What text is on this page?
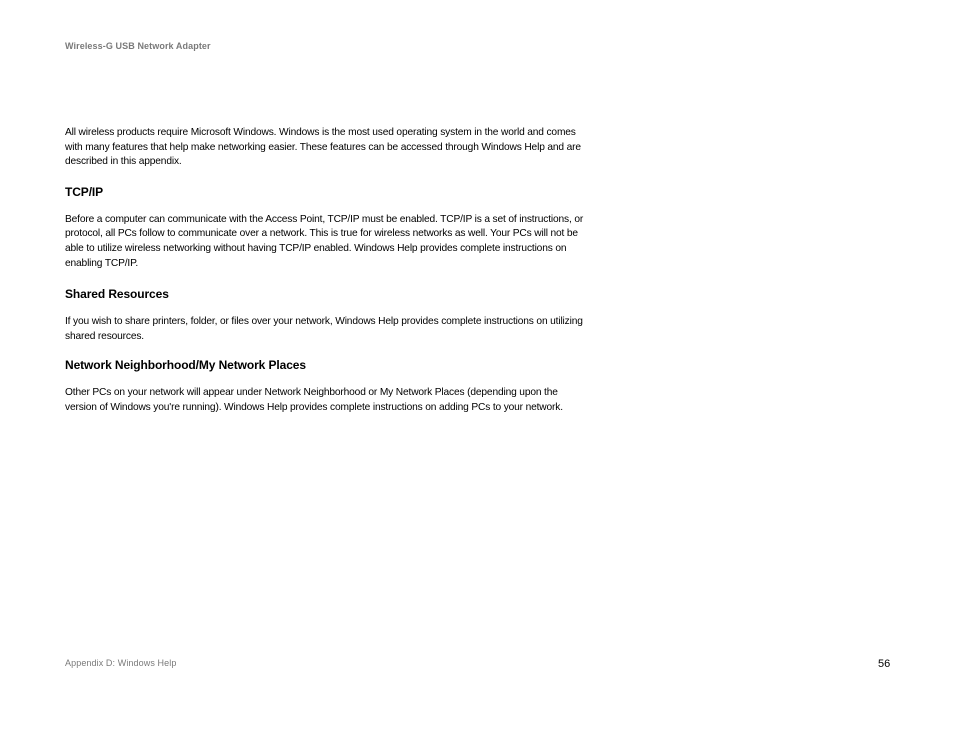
Wireless-G USB Network Adapter

All wireless products require Microsoft Windows. Windows is the most used operating system in the world and comes with many features that help make networking easier. These features can be accessed through Windows Help and are described in this appendix.

TCP/IP

Before a computer can communicate with the Access Point, TCP/IP must be enabled. TCP/IP is a set of instructions, or protocol, all PCs follow to communicate over a network. This is true for wireless networks as well. Your PCs will not be able to utilize wireless networking without having TCP/IP enabled. Windows Help provides complete instructions on enabling TCP/IP.

Shared Resources

If you wish to share printers, folder, or files over your network, Windows Help provides complete instructions on utilizing shared resources.

Network Neighborhood/My Network Places

Other PCs on your network will appear under Network Neighborhood or My Network Places (depending upon the version of Windows you're running). Windows Help provides complete instructions on adding PCs to your network.

Appendix D: Windows Help	56
